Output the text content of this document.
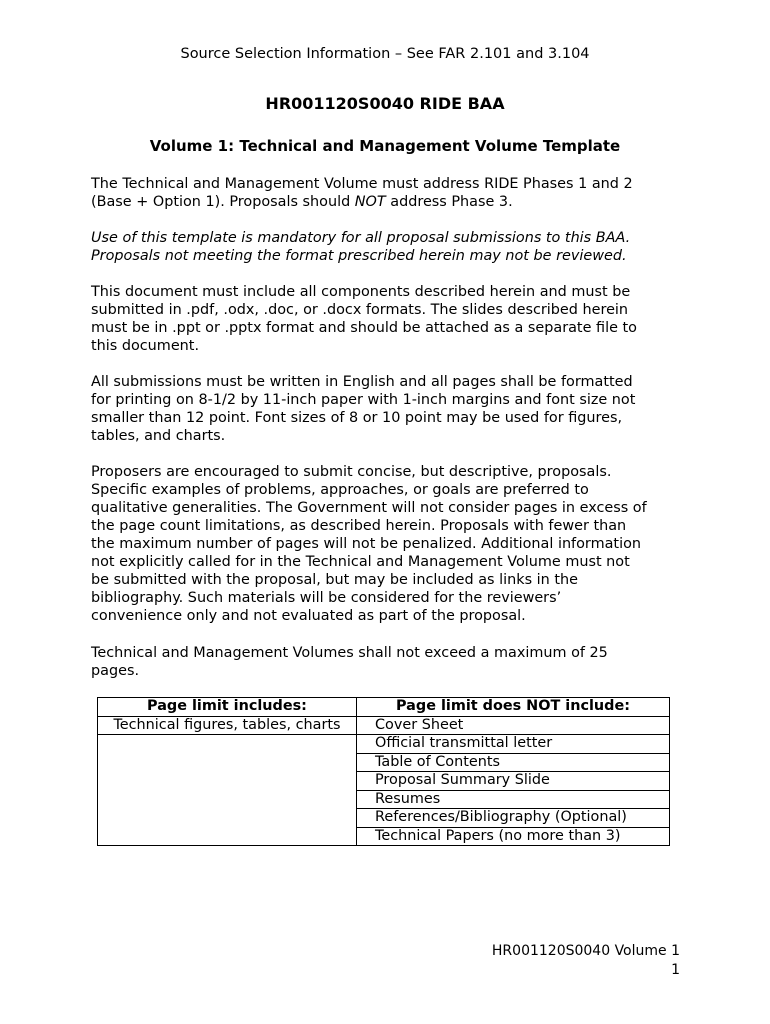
Source Selection Information – See FAR 2.101 and 3.104
HR001120S0040 RIDE BAA
Volume 1: Technical and Management Volume Template
The Technical and Management Volume must address RIDE Phases 1 and 2
(Base + Option 1). Proposals should NOT address Phase 3.
Use of this template is mandatory for all proposal submissions to this BAA.
Proposals not meeting the format prescribed herein may not be reviewed.
This document must include all components described herein and must be
submitted in .pdf, .odx, .doc, or .docx formats. The slides described herein
must be in .ppt or .pptx format and should be attached as a separate file to
this document.
All submissions must be written in English and all pages shall be formatted
for printing on 8-1/2 by 11-inch paper with 1-inch margins and font size not
smaller than 12 point. Font sizes of 8 or 10 point may be used for figures,
tables, and charts.
Proposers are encouraged to submit concise, but descriptive, proposals.
Specific examples of problems, approaches, or goals are preferred to
qualitative generalities. The Government will not consider pages in excess of
the page count limitations, as described herein. Proposals with fewer than
the maximum number of pages will not be penalized. Additional information
not explicitly called for in the Technical and Management Volume must not
be submitted with the proposal, but may be included as links in the
bibliography. Such materials will be considered for the reviewers’
convenience only and not evaluated as part of the proposal.
Technical and Management Volumes shall not exceed a maximum of 25
pages.
Page limit includes:	Page limit does NOT include:
Technical figures, tables, charts	Cover Sheet
	Official transmittal letter
	Table of Contents
	Proposal Summary Slide
	Resumes
	References/Bibliography (Optional)
	Technical Papers (no more than 3)
HR001120S0040 Volume 1
1
